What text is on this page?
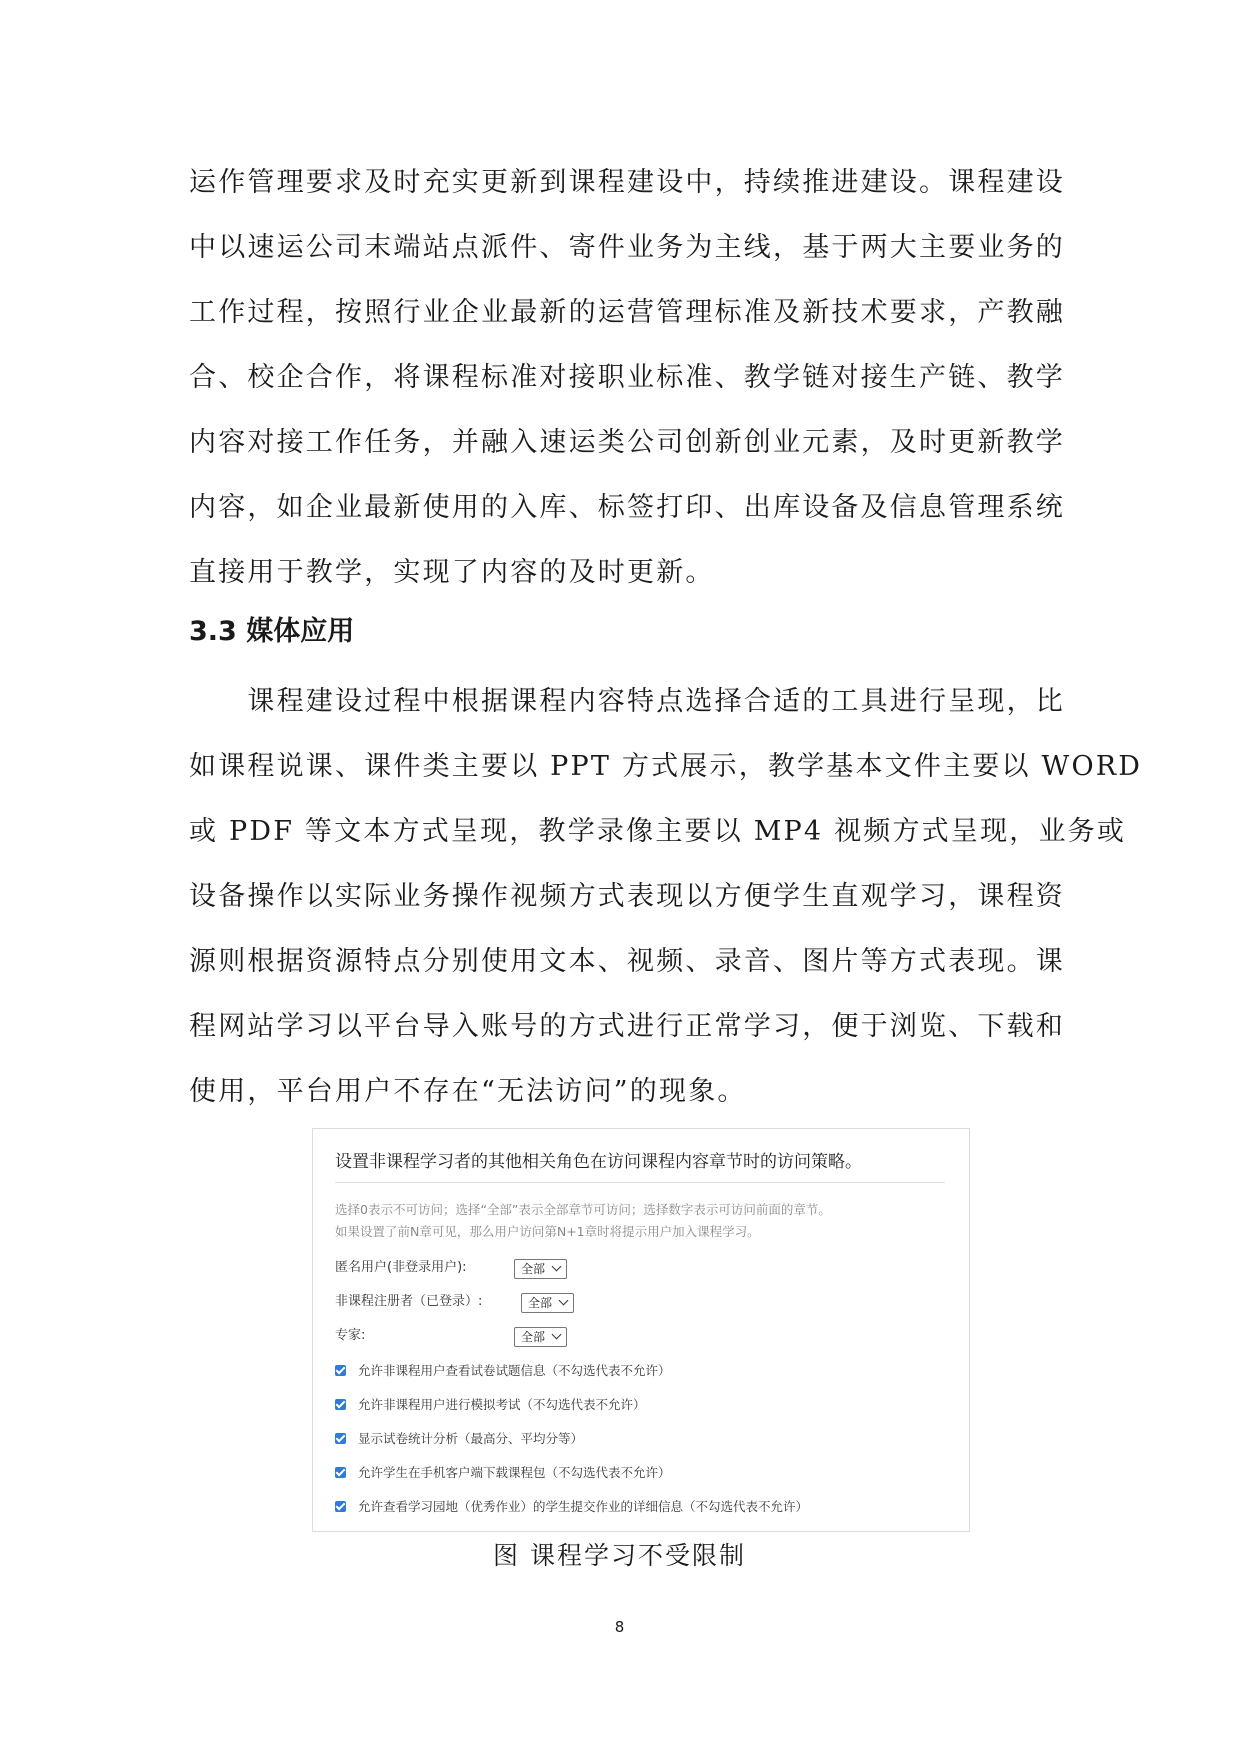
运作管理要求及时充实更新到课程建设中，持续推进建设。课程建设
中以速运公司末端站点派件、寄件业务为主线，基于两大主要业务的
工作过程，按照行业企业最新的运营管理标准及新技术要求，产教融
合、校企合作，将课程标准对接职业标准、教学链对接生产链、教学
内容对接工作任务，并融入速运类公司创新创业元素，及时更新教学
内容，如企业最新使用的入库、标签打印、出库设备及信息管理系统
直接用于教学，实现了内容的及时更新。
3.3 媒体应用
　　课程建设过程中根据课程内容特点选择合适的工具进行呈现，比
如课程说课、课件类主要以 PPT 方式展示，教学基本文件主要以 WORD
或 PDF 等文本方式呈现，教学录像主要以 MP4 视频方式呈现，业务或
设备操作以实际业务操作视频方式表现以方便学生直观学习，课程资
源则根据资源特点分别使用文本、视频、录音、图片等方式表现。课
程网站学习以平台导入账号的方式进行正常学习，便于浏览、下载和
使用，平台用户不存在“无法访问”的现象。
设置非课程学习者的其他相关角色在访问课程内容章节时的访问策略。
选择0表示不可访问；选择“全部”表示全部章节可访问；选择数字表示可访问前面的章节。
如果设置了前N章可见，那么用户访问第N+1章时将提示用户加入课程学习。
匿名用户(非登录用户):	全部
非课程注册者（已登录）:	全部
专家:	全部
允许非课程用户查看试卷试题信息（不勾选代表不允许）
允许非课程用户进行模拟考试（不勾选代表不允许）
显示试卷统计分析（最高分、平均分等）
允许学生在手机客户端下载课程包（不勾选代表不允许）
允许查看学习园地（优秀作业）的学生提交作业的详细信息（不勾选代表不允许）

图 课程学习不受限制

8
